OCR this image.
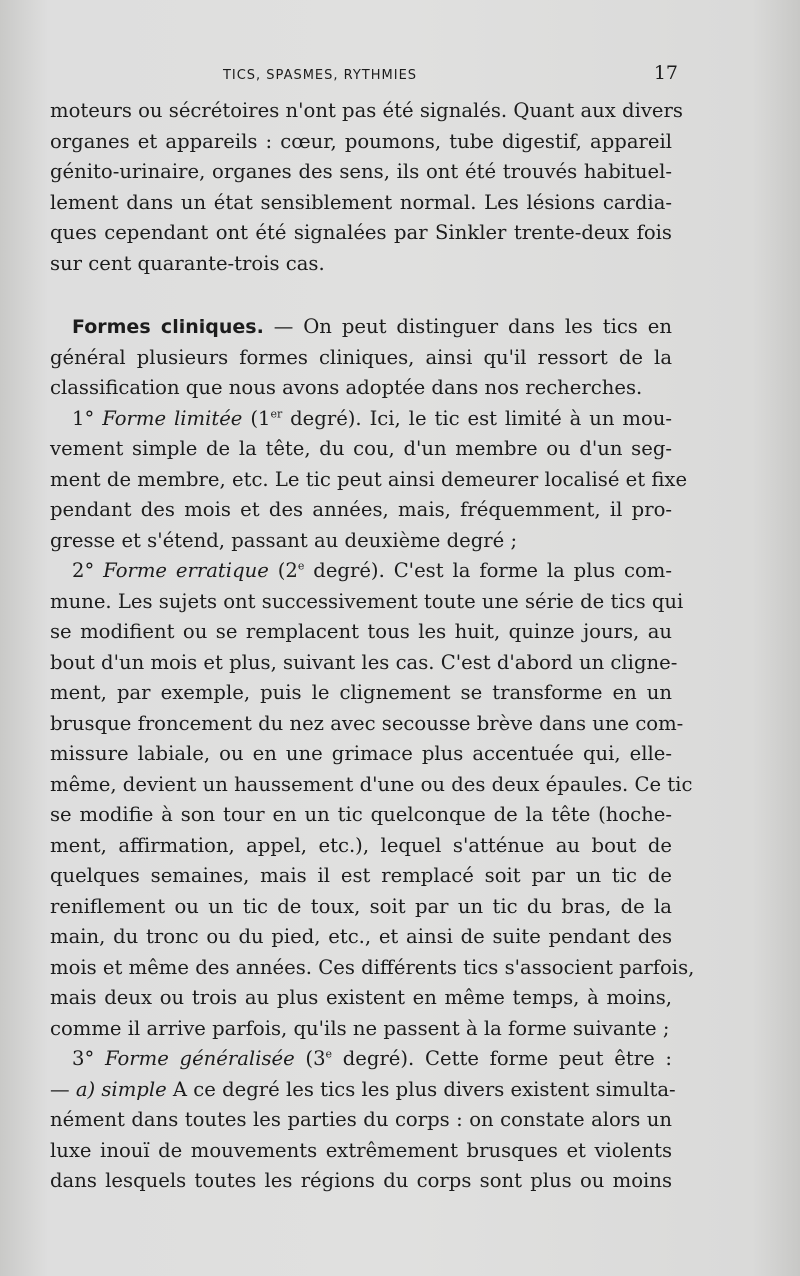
TICS, SPASMES, RYTHMIES	17
moteurs ou sécrétoires n'ont pas été signalés. Quant aux divers
organes et appareils : cœur, poumons, tube digestif, appareil
génito-urinaire, organes des sens, ils ont été trouvés habituel-
lement dans un état sensiblement normal. Les lésions cardia-
ques cependant ont été signalées par Sinkler trente-deux fois
sur cent quarante-trois cas.
Formes cliniques. — On peut distinguer dans les tics en
général plusieurs formes cliniques, ainsi qu'il ressort de la
classification que nous avons adoptée dans nos recherches.
1° Forme limitée (1er degré). Ici, le tic est limité à un mou-
vement simple de la tête, du cou, d'un membre ou d'un seg-
ment de membre, etc. Le tic peut ainsi demeurer localisé et fixe
pendant des mois et des années, mais, fréquemment, il pro-
gresse et s'étend, passant au deuxième degré ;
2° Forme erratique (2e degré). C'est la forme la plus com-
mune. Les sujets ont successivement toute une série de tics qui
se modifient ou se remplacent tous les huit, quinze jours, au
bout d'un mois et plus, suivant les cas. C'est d'abord un cligne-
ment, par exemple, puis le clignement se transforme en un
brusque froncement du nez avec secousse brève dans une com-
missure labiale, ou en une grimace plus accentuée qui, elle-
même, devient un haussement d'une ou des deux épaules. Ce tic
se modifie à son tour en un tic quelconque de la tête (hoche-
ment, affirmation, appel, etc.), lequel s'atténue au bout de
quelques semaines, mais il est remplacé soit par un tic de
reniflement ou un tic de toux, soit par un tic du bras, de la
main, du tronc ou du pied, etc., et ainsi de suite pendant des
mois et même des années. Ces différents tics s'associent parfois,
mais deux ou trois au plus existent en même temps, à moins,
comme il arrive parfois, qu'ils ne passent à la forme suivante ;
3° Forme généralisée (3e degré). Cette forme peut être :
— a) simple A ce degré les tics les plus divers existent simulta-
nément dans toutes les parties du corps : on constate alors un
luxe inouï de mouvements extrêmement brusques et violents
dans lesquels toutes les régions du corps sont plus ou moins
